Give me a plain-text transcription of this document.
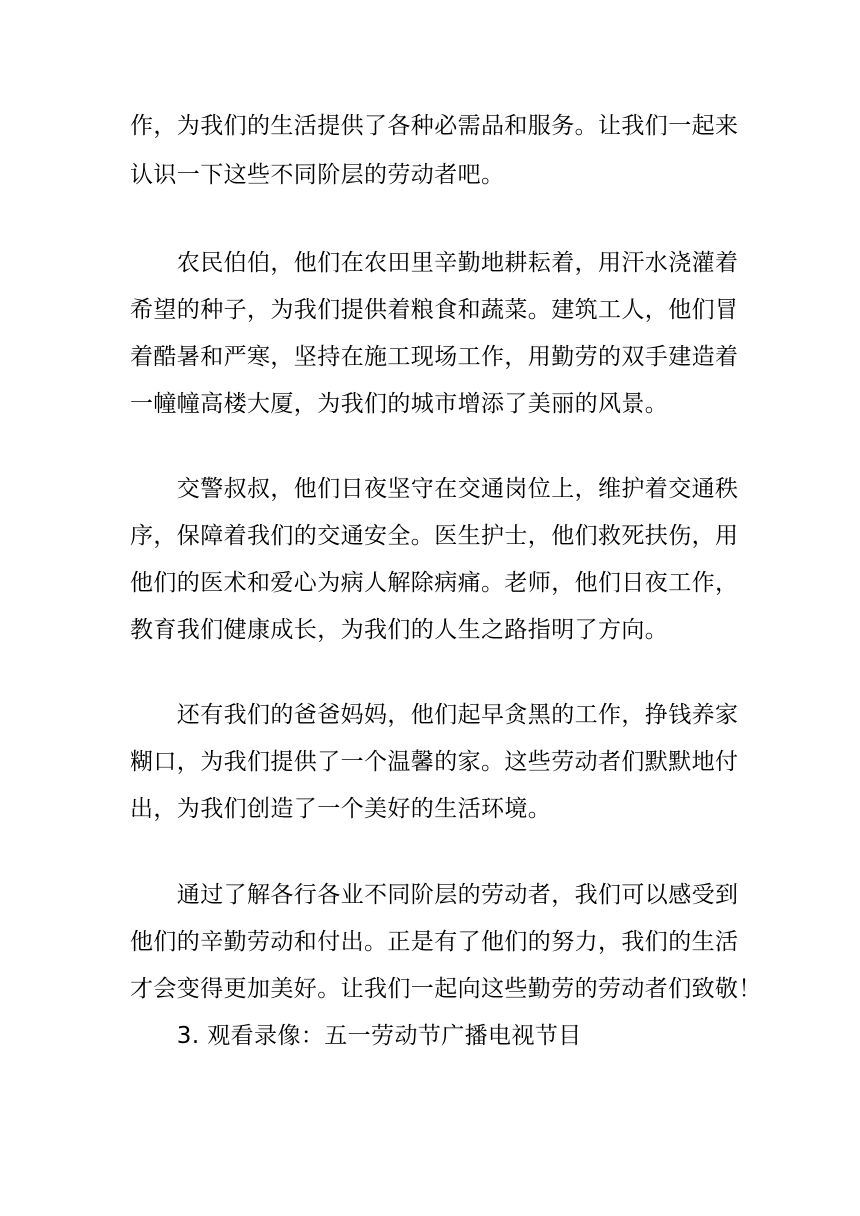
作，为我们的生活提供了各种必需品和服务。让我们一起来
认识一下这些不同阶层的劳动者吧。
　　农民伯伯，他们在农田里辛勤地耕耘着，用汗水浇灌着
希望的种子，为我们提供着粮食和蔬菜。建筑工人，他们冒
着酷暑和严寒，坚持在施工现场工作，用勤劳的双手建造着
一幢幢高楼大厦，为我们的城市增添了美丽的风景。
　　交警叔叔，他们日夜坚守在交通岗位上，维护着交通秩
序，保障着我们的交通安全。医生护士，他们救死扶伤，用
他们的医术和爱心为病人解除病痛。老师，他们日夜工作，
教育我们健康成长，为我们的人生之路指明了方向。
　　还有我们的爸爸妈妈，他们起早贪黑的工作，挣钱养家
糊口，为我们提供了一个温馨的家。这些劳动者们默默地付
出，为我们创造了一个美好的生活环境。
　　通过了解各行各业不同阶层的劳动者，我们可以感受到
他们的辛勤劳动和付出。正是有了他们的努力，我们的生活
才会变得更加美好。让我们一起向这些勤劳的劳动者们致敬！
　　3. 观看录像：五一劳动节广播电视节目
